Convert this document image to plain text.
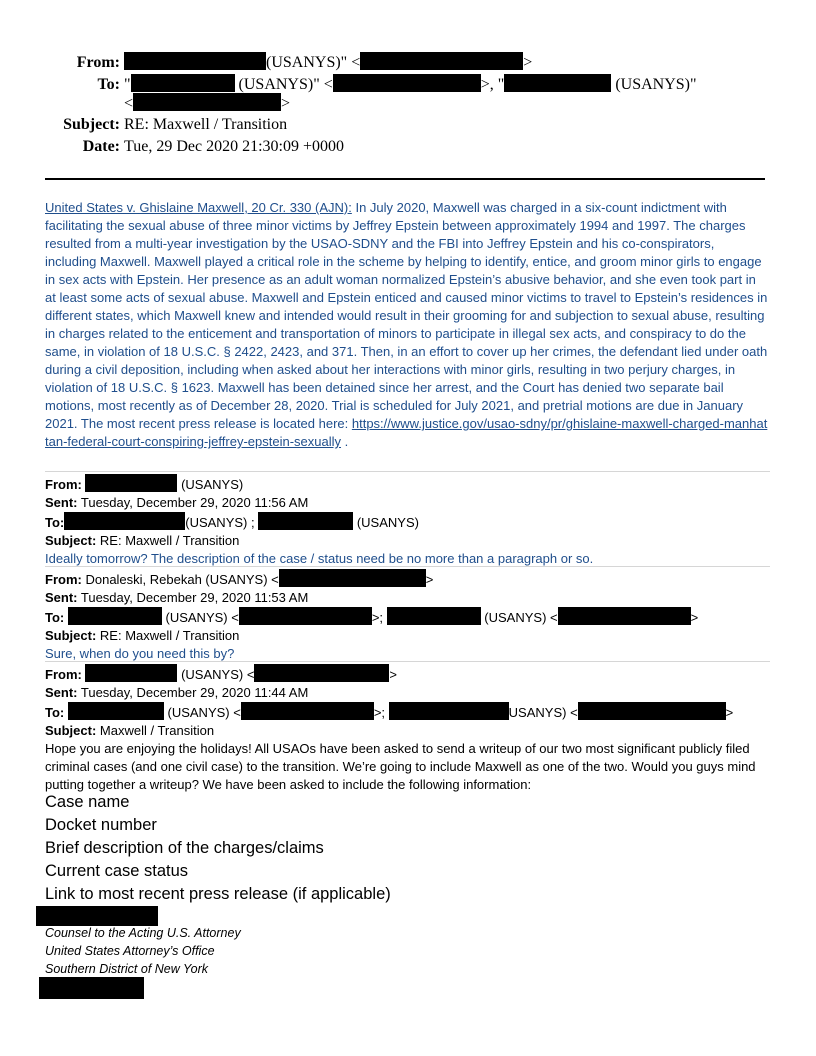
From:	(USANYS)" <	>
To: "	(USANYS)" <	>, "	(USANYS)"
<	>
Subject: RE: Maxwell / Transition
Date: Tue, 29 Dec 2020 21:30:09 +0000
United States v. Ghislaine Maxwell, 20 Cr. 330 (AJN): In July 2020, Maxwell was charged in a six-count indictment with facilitating the sexual abuse of three minor victims by Jeffrey Epstein between approximately 1994 and 1997. The charges resulted from a multi-year investigation by the USAO-SDNY and the FBI into Jeffrey Epstein and his co-conspirators, including Maxwell. Maxwell played a critical role in the scheme by helping to identify, entice, and groom minor girls to engage in sex acts with Epstein. Her presence as an adult woman normalized Epstein’s abusive behavior, and she even took part in at least some acts of sexual abuse. Maxwell and Epstein enticed and caused minor victims to travel to Epstein’s residences in different states, which Maxwell knew and intended would result in their grooming for and subjection to sexual abuse, resulting in charges related to the enticement and transportation of minors to participate in illegal sex acts, and conspiracy to do the same, in violation of 18 U.S.C. § 2422, 2423, and 371. Then, in an effort to cover up her crimes, the defendant lied under oath during a civil deposition, including when asked about her interactions with minor girls, resulting in two perjury charges, in violation of 18 U.S.C. § 1623. Maxwell has been detained since her arrest, and the Court has denied two separate bail motions, most recently as of December 28, 2020. Trial is scheduled for July 2021, and pretrial motions are due in January 2021. The most recent press release is located here: https://www.justice.gov/usao-sdny/pr/ghislaine-maxwell-charged-manhattan-federal-court-conspiring-jeffrey-epstein-sexually .
From:	(USANYS)
Sent: Tuesday, December 29, 2020 11:56 AM
To:	(USANYS) ;	(USANYS)
Subject: RE: Maxwell / Transition
Ideally tomorrow? The description of the case / status need be no more than a paragraph or so.
From: Donaleski, Rebekah (USANYS) <	>
Sent: Tuesday, December 29, 2020 11:53 AM
To:	(USANYS) <	>;	(USANYS) <	>
Subject: RE: Maxwell / Transition
Sure, when do you need this by?
From:	(USANYS) <	>
Sent: Tuesday, December 29, 2020 11:44 AM
To:	(USANYS) <	>;	USANYS) <	>
Subject: Maxwell / Transition
Hope you are enjoying the holidays! All USAOs have been asked to send a writeup of our two most significant publicly filed criminal cases (and one civil case) to the transition. We’re going to include Maxwell as one of the two. Would you guys mind putting together a writeup? We have been asked to include the following information:
Case name
Docket number
Brief description of the charges/claims
Current case status
Link to most recent press release (if applicable)
Counsel to the Acting U.S. Attorney
United States Attorney’s Office
Southern District of New York
